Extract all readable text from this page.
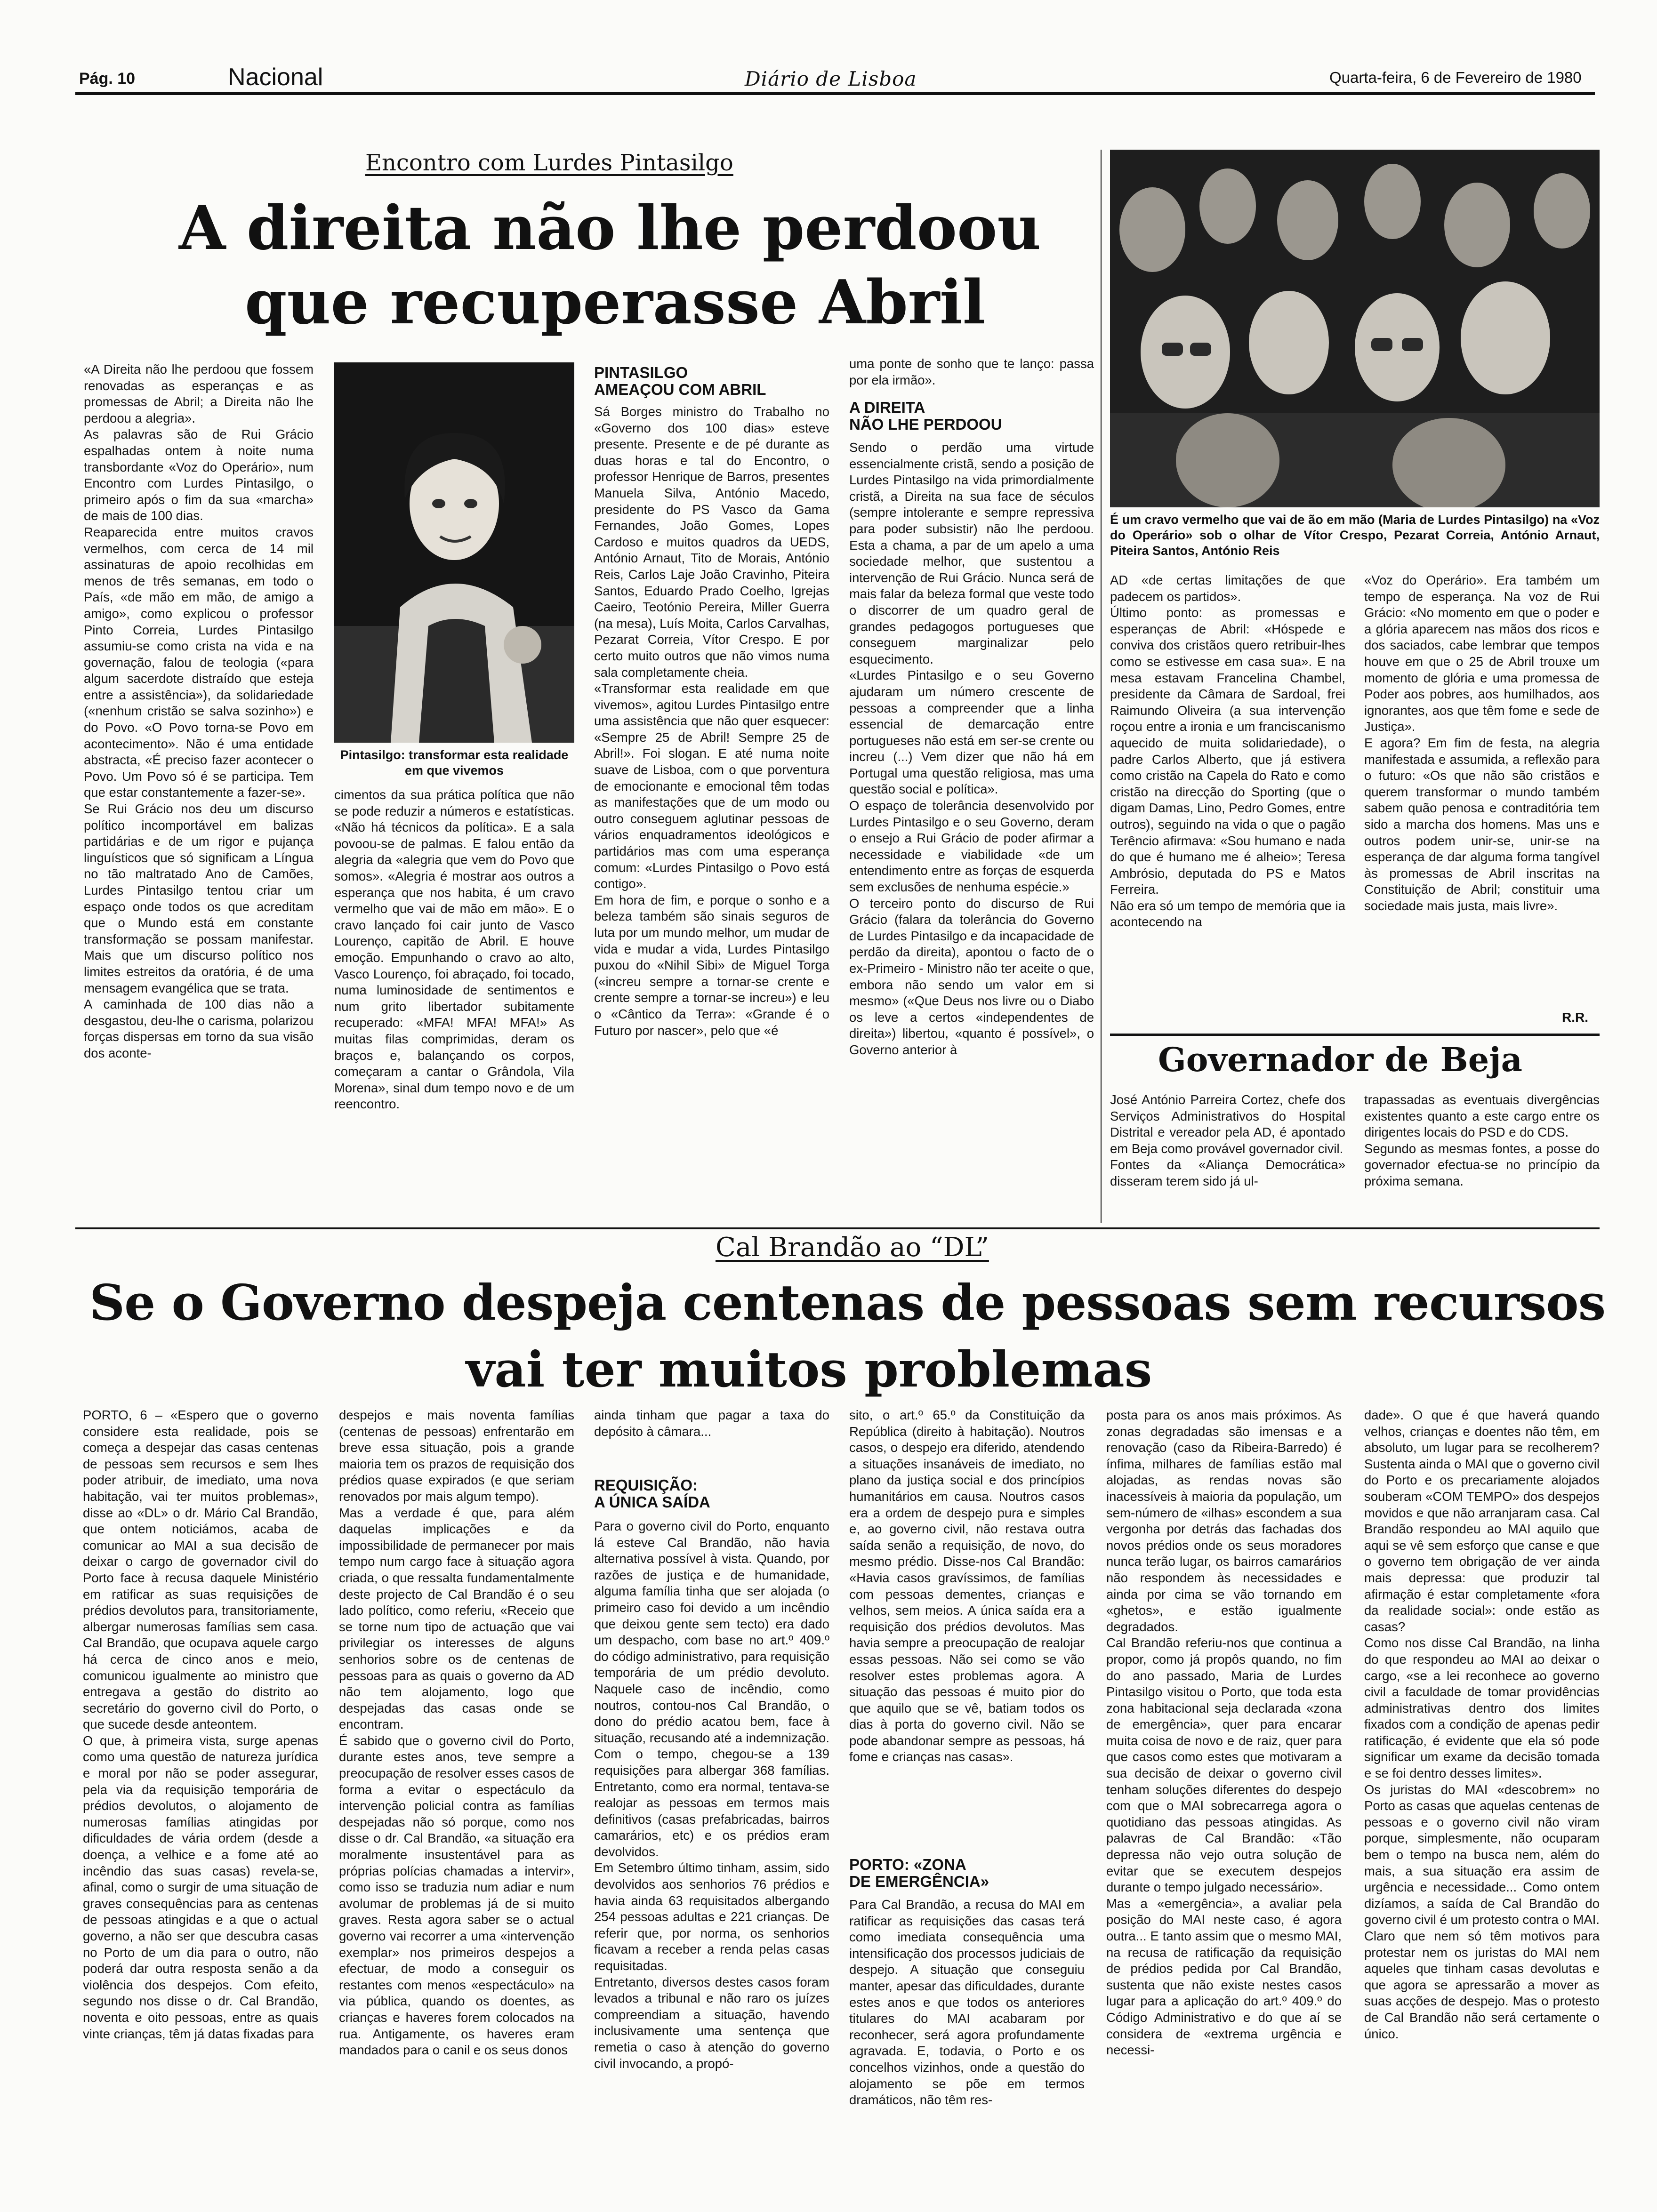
Pág. 10	Nacional	Diário de Lisboa	Quarta-feira, 6 de Fevereiro de 1980
Encontro com Lurdes Pintasilgo
A direita não lhe perdoou
que recuperasse Abril
Pintasilgo: transformar esta realidade em que vivemos
«A Direita não lhe perdoou que fossem renovadas as esperanças e as promessas de Abril; a Direita não lhe perdoou a alegria».
As palavras são de Rui Grácio espalhadas ontem à noite numa transbordante «Voz do Operário», num Encontro com Lurdes Pintasilgo, o primeiro após o fim da sua «marcha» de mais de 100 dias.
Reaparecida entre muitos cravos vermelhos, com cerca de 14 mil assinaturas de apoio recolhidas em menos de três semanas, em todo o País, «de mão em mão, de amigo a amigo», como explicou o professor Pinto Correia, Lurdes Pintasilgo assumiu-se como crista na vida e na governação, falou de teologia («para algum sacerdote distraído que esteja entre a assistência»), da solidariedade («nenhum cristão se salva sozinho») e do Povo. «O Povo torna-se Povo em acontecimento». Não é uma entidade abstracta, «É preciso fazer acontecer o Povo. Um Povo só é se participa. Tem que estar constantemente a fazer-se».
Se Rui Grácio nos deu um discurso político incomportável em balizas partidárias e de um rigor e pujança linguísticos que só significam a Língua no tão maltratado Ano de Camões, Lurdes Pintasilgo tentou criar um espaço onde todos os que acreditam que o Mundo está em constante transformação se possam manifestar. Mais que um discurso político nos limites estreitos da oratória, é de uma mensagem evangélica que se trata.
A caminhada de 100 dias não a desgastou, deu-lhe o carisma, polarizou forças dispersas em torno da sua visão dos aconte-
cimentos da sua prática política que não se pode reduzir a números e estatísticas. «Não há técnicos da política». E a sala povoou-se de palmas. E falou então da alegria da «alegria que vem do Povo que somos». «Alegria é mostrar aos outros a esperança que nos habita, é um cravo vermelho que vai de mão em mão». E o cravo lançado foi cair junto de Vasco Lourenço, capitão de Abril. E houve emoção. Empunhando o cravo ao alto, Vasco Lourenço, foi abraçado, foi tocado, numa luminosidade de sentimentos e num grito libertador subitamente recuperado: «MFA! MFA! MFA!» As muitas filas comprimidas, deram os braços e, balançando os corpos, começaram a cantar o Grândola, Vila Morena», sinal dum tempo novo e de um reencontro.
PINTASILGO
AMEAÇOU COM ABRIL
Sá Borges ministro do Trabalho no «Governo dos 100 dias» esteve presente. Presente e de pé durante as duas horas e tal do Encontro, o professor Henrique de Barros, presentes Manuela Silva, António Macedo, presidente do PS Vasco da Gama Fernandes, João Gomes, Lopes Cardoso e muitos quadros da UEDS, António Arnaut, Tito de Morais, António Reis, Carlos Laje João Cravinho, Piteira Santos, Eduardo Prado Coelho, Igrejas Caeiro, Teotónio Pereira, Miller Guerra (na mesa), Luís Moita, Carlos Carvalhas, Pezarat Correia, Vítor Crespo. E por certo muito outros que não vimos numa sala completamente cheia.
«Transformar esta realidade em que vivemos», agitou Lurdes Pintasilgo entre uma assistência que não quer esquecer: «Sempre 25 de Abril! Sempre 25 de Abril!». Foi slogan. E até numa noite suave de Lisboa, com o que porventura de emocionante e emocional têm todas as manifestações que de um modo ou outro conseguem aglutinar pessoas de vários enquadramentos ideológicos e partidários mas com uma esperança comum: «Lurdes Pintasilgo o Povo está contigo».
Em hora de fim, e porque o sonho e a beleza também são sinais seguros de luta por um mundo melhor, um mudar de vida e mudar a vida, Lurdes Pintasilgo puxou do «Nihil Sibi» de Miguel Torga («increu sempre a tornar-se crente e crente sempre a tornar-se increu») e leu o «Cântico da Terra»: «Grande é o Futuro por nascer», pelo que «é
uma ponte de sonho que te lanço: passa por ela irmão».
A DIREITA
NÃO LHE PERDOOU
Sendo o perdão uma virtude essencialmente cristã, sendo a posição de Lurdes Pintasilgo na vida primordialmente cristã, a Direita na sua face de séculos (sempre intolerante e sempre repressiva para poder subsistir) não lhe perdoou. Esta a chama, a par de um apelo a uma sociedade melhor, que sustentou a intervenção de Rui Grácio. Nunca será de mais falar da beleza formal que veste todo o discorrer de um quadro geral de grandes pedagogos portugueses que conseguem marginalizar pelo esquecimento.
«Lurdes Pintasilgo e o seu Governo ajudaram um número crescente de pessoas a compreender que a linha essencial de demarcação entre portugueses não está em ser-se crente ou increu (...) Vem dizer que não há em Portugal uma questão religiosa, mas uma questão social e política».
O espaço de tolerância desenvolvido por Lurdes Pintasilgo e o seu Governo, deram o ensejo a Rui Grácio de poder afirmar a necessidade e viabilidade «de um entendimento entre as forças de esquerda sem exclusões de nenhuma espécie.»
O terceiro ponto do discurso de Rui Grácio (falara da tolerância do Governo de Lurdes Pintasilgo e da incapacidade de perdão da direita), apontou o facto de o ex-Primeiro - Ministro não ter aceite o que, embora não sendo um valor em si mesmo» («Que Deus nos livre ou o Diabo os leve a certos «independentes de direita») libertou, «quanto é possível», o Governo anterior à
É um cravo vermelho que vai de ão em mão (Maria de Lurdes Pintasilgo) na «Voz do Operário» sob o olhar de Vítor Crespo, Pezarat Correia, António Arnaut, Piteira Santos, António Reis
AD «de certas limitações de que padecem os partidos».
Último ponto: as promessas e esperanças de Abril: «Hóspede e conviva dos cristãos quero retribuir-lhes como se estivesse em casa sua». E na mesa estavam Francelina Chambel, presidente da Câmara de Sardoal, frei Raimundo Oliveira (a sua intervenção roçou entre a ironia e um franciscanismo aquecido de muita solidariedade), o padre Carlos Alberto, que já estivera como cristão na Capela do Rato e como cristão na direcção do Sporting (que o digam Damas, Lino, Pedro Gomes, entre outros), seguindo na vida o que o pagão Terêncio afirmava: «Sou humano e nada do que é humano me é alheio»; Teresa Ambrósio, deputada do PS e Matos Ferreira.
Não era só um tempo de memória que ia acontecendo na
«Voz do Operário». Era também um tempo de esperança. Na voz de Rui Grácio: «No momento em que o poder e a glória aparecem nas mãos dos ricos e dos saciados, cabe lembrar que tempos houve em que o 25 de Abril trouxe um momento de glória e uma promessa de Poder aos pobres, aos humilhados, aos ignorantes, aos que têm fome e sede de Justiça».
E agora? Em fim de festa, na alegria manifestada e assumida, a reflexão para o futuro: «Os que não são cristãos e querem transformar o mundo também sabem quão penosa e contraditória tem sido a marcha dos homens. Mas uns e outros podem unir-se, unir-se na esperança de dar alguma forma tangível às promessas de Abril inscritas na Constituição de Abril; constituir uma sociedade mais justa, mais livre».
R.R.
Governador de Beja
José António Parreira Cortez, chefe dos Serviços Administrativos do Hospital Distrital e vereador pela AD, é apontado em Beja como provável governador civil.
Fontes da «Aliança Democrática» disseram terem sido já ul-
trapassadas as eventuais divergências existentes quanto a este cargo entre os dirigentes locais do PSD e do CDS.
Segundo as mesmas fontes, a posse do governador efectua-se no princípio da próxima semana.
Cal Brandão ao “DL”
Se o Governo despeja centenas de pessoas sem recursos
vai ter muitos problemas
PORTO, 6 – «Espero que o governo considere esta realidade, pois se começa a despejar das casas centenas de pessoas sem recursos e sem lhes poder atribuir, de imediato, uma nova habitação, vai ter muitos problemas», disse ao «DL» o dr. Mário Cal Brandão, que ontem noticiámos, acaba de comunicar ao MAI a sua decisão de deixar o cargo de governador civil do Porto face à recusa daquele Ministério em ratificar as suas requisições de prédios devolutos para, transitoriamente, albergar numerosas famílias sem casa. Cal Brandão, que ocupava aquele cargo há cerca de cinco anos e meio, comunicou igualmente ao ministro que entregava a gestão do distrito ao secretário do governo civil do Porto, o que sucede desde anteontem.
O que, à primeira vista, surge apenas como uma questão de natureza jurídica e moral por não se poder assegurar, pela via da requisição temporária de prédios devolutos, o alojamento de numerosas famílias atingidas por dificuldades de vária ordem (desde a doença, a velhice e a fome até ao incêndio das suas casas) revela-se, afinal, como o surgir de uma situação de graves consequências para as centenas de pessoas atingidas e a que o actual governo, a não ser que descubra casas no Porto de um dia para o outro, não poderá dar outra resposta senão a da violência dos despejos. Com efeito, segundo nos disse o dr. Cal Brandão, noventa e oito pessoas, entre as quais vinte crianças, têm já datas fixadas para
despejos e mais noventa famílias (centenas de pessoas) enfrentarão em breve essa situação, pois a grande maioria tem os prazos de requisição dos prédios quase expirados (e que seriam renovados por mais algum tempo).
Mas a verdade é que, para além daquelas implicações e da impossibilidade de permanecer por mais tempo num cargo face à situação agora criada, o que ressalta fundamentalmente deste projecto de Cal Brandão é o seu lado político, como referiu, «Receio que se torne num tipo de actuação que vai privilegiar os interesses de alguns senhorios sobre os de centenas de pessoas para as quais o governo da AD não tem alojamento, logo que despejadas das casas onde se encontram.
É sabido que o governo civil do Porto, durante estes anos, teve sempre a preocupação de resolver esses casos de forma a evitar o espectáculo da intervenção policial contra as famílias despejadas não só porque, como nos disse o dr. Cal Brandão, «a situação era moralmente insustentável para as próprias polícias chamadas a intervir», como isso se traduzia num adiar e num avolumar de problemas já de si muito graves. Resta agora saber se o actual governo vai recorrer a uma «intervenção exemplar» nos primeiros despejos a efectuar, de modo a conseguir os restantes com menos «espectáculo» na via pública, quando os doentes, as crianças e haveres forem colocados na rua. Antigamente, os haveres eram mandados para o canil e os seus donos
ainda tinham que pagar a taxa do depósito à câmara...
REQUISIÇÃO:
A ÚNICA SAÍDA
Para o governo civil do Porto, enquanto lá esteve Cal Brandão, não havia alternativa possível à vista. Quando, por razões de justiça e de humanidade, alguma família tinha que ser alojada (o primeiro caso foi devido a um incêndio que deixou gente sem tecto) era dado um despacho, com base no art.º 409.º do código administrativo, para requisição temporária de um prédio devoluto. Naquele caso de incêndio, como noutros, contou-nos Cal Brandão, o dono do prédio acatou bem, face à situação, recusando até a indemnização. Com o tempo, chegou-se a 139 requisições para albergar 368 famílias. Entretanto, como era normal, tentava-se realojar as pessoas em termos mais definitivos (casas prefabricadas, bairros camarários, etc) e os prédios eram devolvidos.
Em Setembro último tinham, assim, sido devolvidos aos senhorios 76 prédios e havia ainda 63 requisitados albergando 254 pessoas adultas e 221 crianças. De referir que, por norma, os senhorios ficavam a receber a renda pelas casas requisitadas.
Entretanto, diversos destes casos foram levados a tribunal e não raro os juízes compreendiam a situação, havendo inclusivamente uma sentença que remetia o caso à atenção do governo civil invocando, a propó-
sito, o art.º 65.º da Constituição da República (direito à habitação). Noutros casos, o despejo era diferido, atendendo a situações insanáveis de imediato, no plano da justiça social e dos princípios humanitários em causa. Noutros casos era a ordem de despejo pura e simples e, ao governo civil, não restava outra saída senão a requisição, de novo, do mesmo prédio. Disse-nos Cal Brandão: «Havia casos gravíssimos, de famílias com pessoas dementes, crianças e velhos, sem meios. A única saída era a requisição dos prédios devolutos. Mas havia sempre a preocupação de realojar essas pessoas. Não sei como se vão resolver estes problemas agora. A situação das pessoas é muito pior do que aquilo que se vê, batiam todos os dias à porta do governo civil. Não se pode abandonar sempre as pessoas, há fome e crianças nas casas».
PORTO: «ZONA
DE EMERGÊNCIA»
Para Cal Brandão, a recusa do MAI em ratificar as requisições das casas terá como imediata consequência uma intensificação dos processos judiciais de despejo. A situação que conseguiu manter, apesar das dificuldades, durante estes anos e que todos os anteriores titulares do MAI acabaram por reconhecer, será agora profundamente agravada. E, todavia, o Porto e os concelhos vizinhos, onde a questão do alojamento se põe em termos dramáticos, não têm res-
posta para os anos mais próximos. As zonas degradadas são imensas e a renovação (caso da Ribeira-Barredo) é ínfima, milhares de famílias estão mal alojadas, as rendas novas são inacessíveis à maioria da população, um sem-número de «ilhas» escondem a sua vergonha por detrás das fachadas dos novos prédios onde os seus moradores nunca terão lugar, os bairros camarários não respondem às necessidades e ainda por cima se vão tornando em «ghetos», e estão igualmente degradados.
Cal Brandão referiu-nos que continua a propor, como já propôs quando, no fim do ano passado, Maria de Lurdes Pintasilgo visitou o Porto, que toda esta zona habitacional seja declarada «zona de emergência», quer para encarar muita coisa de novo e de raiz, quer para que casos como estes que motivaram a sua decisão de deixar o governo civil tenham soluções diferentes do despejo com que o MAI sobrecarrega agora o quotidiano das pessoas atingidas. As palavras de Cal Brandão: «Tão depressa não vejo outra solução de evitar que se executem despejos durante o tempo julgado necessário».
Mas a «emergência», a avaliar pela posição do MAI neste caso, é agora outra... E tanto assim que o mesmo MAI, na recusa de ratificação da requisição de prédios pedida por Cal Brandão, sustenta que não existe nestes casos lugar para a aplicação do art.º 409.º do Código Administrativo e do que aí se considera de «extrema urgência e necessi-
dade». O que é que haverá quando velhos, crianças e doentes não têm, em absoluto, um lugar para se recolherem? Sustenta ainda o MAI que o governo civil do Porto e os precariamente alojados souberam «COM TEMPO» dos despejos movidos e que não arranjaram casa. Cal Brandão respondeu ao MAI aquilo que aqui se vê sem esforço que canse e que o governo tem obrigação de ver ainda mais depressa: que produzir tal afirmação é estar completamente «fora da realidade social»: onde estão as casas?
Como nos disse Cal Brandão, na linha do que respondeu ao MAI ao deixar o cargo, «se a lei reconhece ao governo civil a faculdade de tomar providências administrativas dentro dos limites fixados com a condição de apenas pedir ratificação, é evidente que ela só pode significar um exame da decisão tomada e se foi dentro desses limites».
Os juristas do MAI «descobrem» no Porto as casas que aquelas centenas de pessoas e o governo civil não viram porque, simplesmente, não ocuparam bem o tempo na busca nem, além do mais, a sua situação era assim de urgência e necessidade... Como ontem dizíamos, a saída de Cal Brandão do governo civil é um protesto contra o MAI. Claro que nem só têm motivos para protestar nem os juristas do MAI nem aqueles que tinham casas devolutas e que agora se apressarão a mover as suas acções de despejo. Mas o protesto de Cal Brandão não será certamente o único.
